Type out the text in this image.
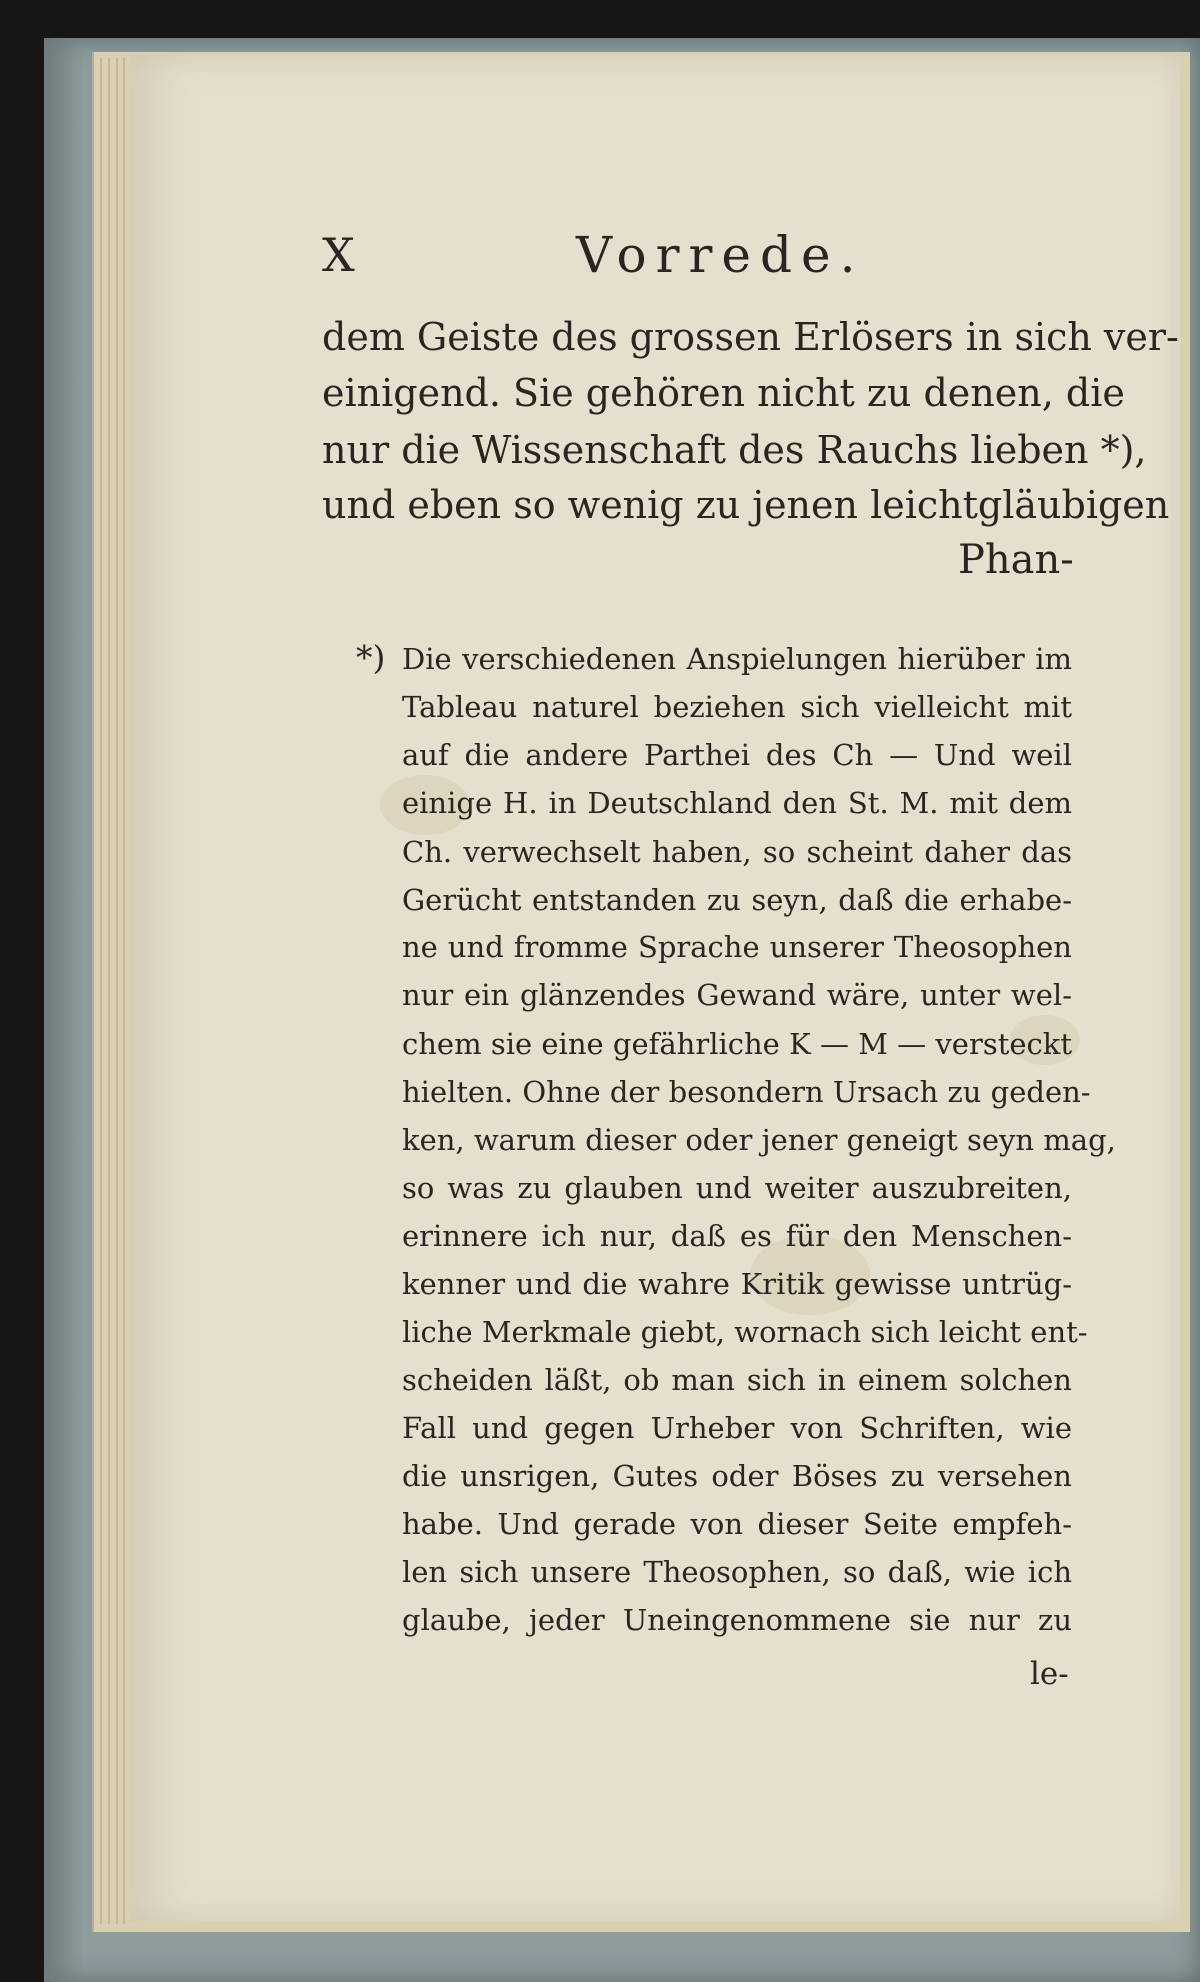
X	Vorrede.
dem Geiste des grossen Erlösers in sich ver-
einigend. Sie gehören nicht zu denen, die
nur die Wissenschaft des Rauchs lieben *),
und eben so wenig zu jenen leichtgläubigen
Phan-
*) Die verschiedenen Anspielungen hierüber im
Tableau naturel beziehen sich vielleicht mit
auf die andere Parthei des Ch — Und weil
einige H. in Deutschland den St. M. mit dem
Ch. verwechselt haben, so scheint daher das
Gerücht entstanden zu seyn, daß die erhabe-
ne und fromme Sprache unserer Theosophen
nur ein glänzendes Gewand wäre, unter wel-
chem sie eine gefährliche K — M — versteckt
hielten. Ohne der besondern Ursach zu geden-
ken, warum dieser oder jener geneigt seyn mag,
so was zu glauben und weiter auszubreiten,
erinnere ich nur, daß es für den Menschen-
kenner und die wahre Kritik gewisse untrüg-
liche Merkmale giebt, wornach sich leicht ent-
scheiden läßt, ob man sich in einem solchen
Fall und gegen Urheber von Schriften, wie
die unsrigen, Gutes oder Böses zu versehen
habe. Und gerade von dieser Seite empfeh-
len sich unsere Theosophen, so daß, wie ich
glaube, jeder Uneingenommene sie nur zu
le-
